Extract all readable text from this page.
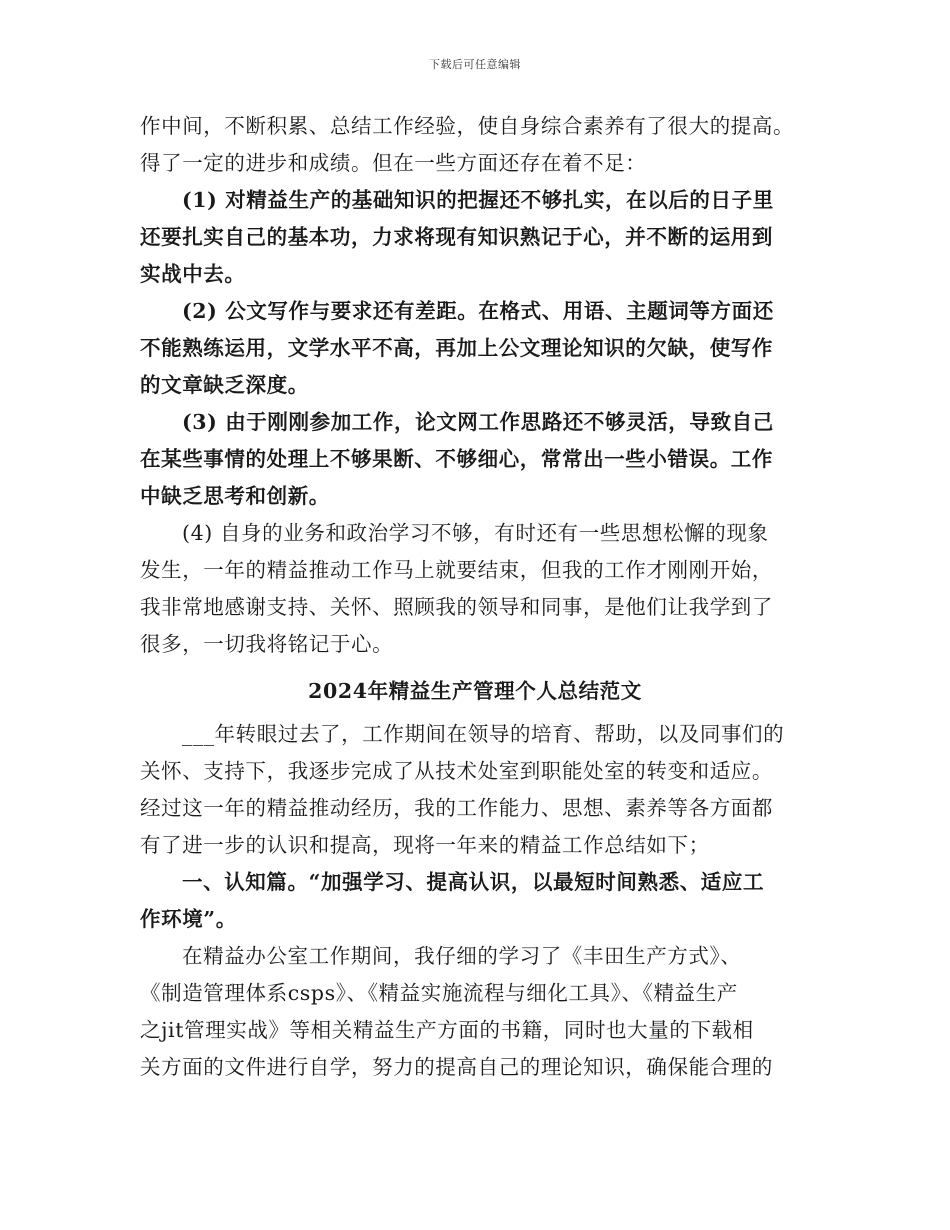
下载后可任意编辑
作中间，不断积累、总结工作经验，使自身综合素养有了很大的提高。
得了一定的进步和成绩。但在一些方面还存在着不足：
(1) 对精益生产的基础知识的把握还不够扎实，在以后的日子里
还要扎实自己的基本功，力求将现有知识熟记于心，并不断的运用到
实战中去。
(2) 公文写作与要求还有差距。在格式、用语、主题词等方面还
不能熟练运用，文学水平不高，再加上公文理论知识的欠缺，使写作
的文章缺乏深度。
(3) 由于刚刚参加工作，论文网工作思路还不够灵活，导致自己
在某些事情的处理上不够果断、不够细心，常常出一些小错误。工作
中缺乏思考和创新。
(4) 自身的业务和政治学习不够，有时还有一些思想松懈的现象
发生，一年的精益推动工作马上就要结束，但我的工作才刚刚开始，
我非常地感谢支持、关怀、照顾我的领导和同事，是他们让我学到了
很多，一切我将铭记于心。
2024年精益生产管理个人总结范文
___年转眼过去了，工作期间在领导的培育、帮助，以及同事们的
关怀、支持下，我逐步完成了从技术处室到职能处室的转变和适应。
经过这一年的精益推动经历，我的工作能力、思想、素养等各方面都
有了进一步的认识和提高，现将一年来的精益工作总结如下；
一、认知篇。“加强学习、提高认识，以最短时间熟悉、适应工
作环境”。
在精益办公室工作期间，我仔细的学习了《丰田生产方式》、
《制造管理体系csps》、《精益实施流程与细化工具》、《精益生产
之jit管理实战》等相关精益生产方面的书籍，同时也大量的下载相
关方面的文件进行自学，努力的提高自己的理论知识，确保能合理的
